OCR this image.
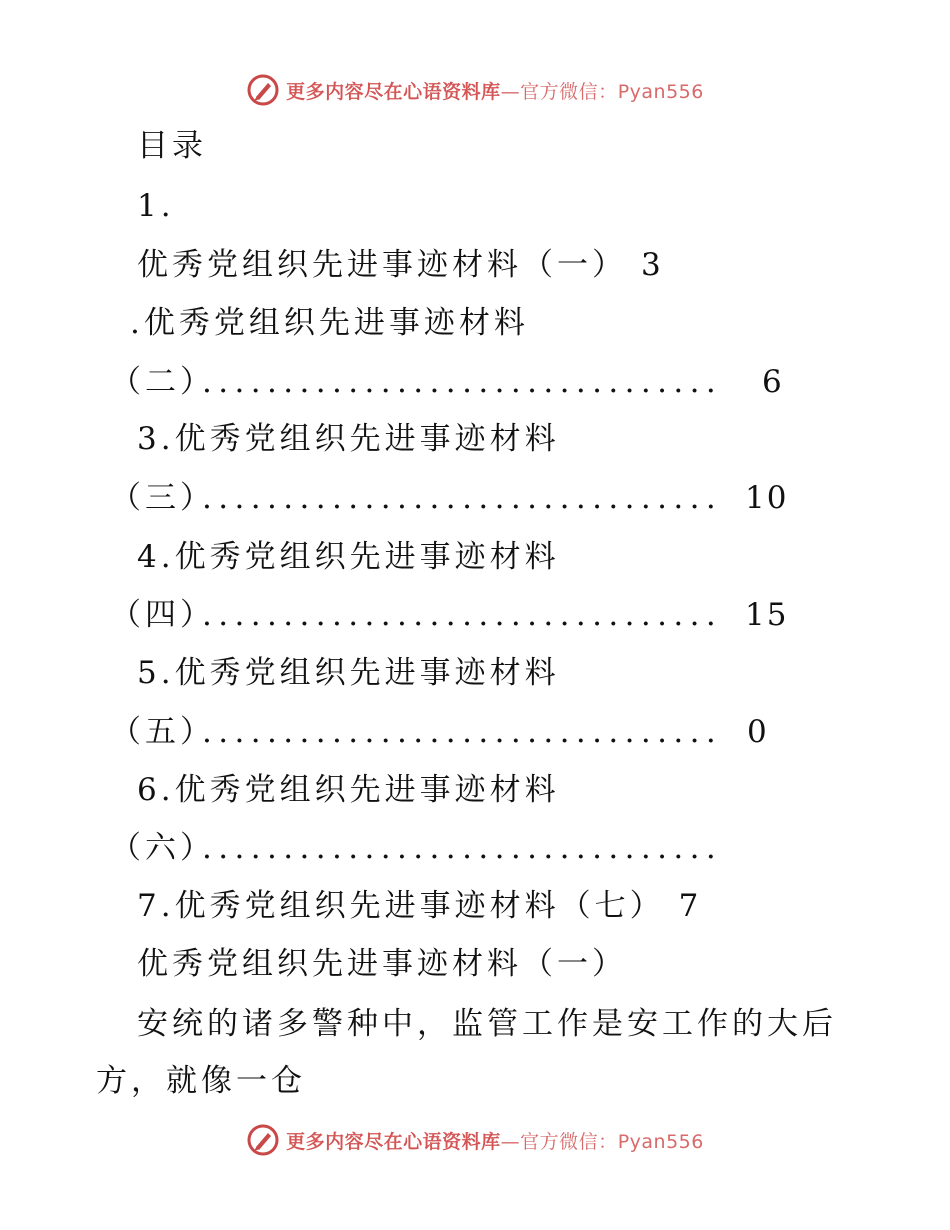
更多内容尽在心语资料库—官方微信：Pyan556
目录
1.
优秀党组织先进事迹材料（一） 3
.优秀党组织先进事迹材料
（二）
................................	6
3.优秀党组织先进事迹材料
（三）
................................ 10
4.优秀党组织先进事迹材料
（四）
................................ 15
5.优秀党组织先进事迹材料
（五）
................................ 0
6.优秀党组织先进事迹材料
（六）
................................
7.优秀党组织先进事迹材料（七） 7
优秀党组织先进事迹材料（一）
安统的诸多警种中，监管工作是安工作的大后
方，就像一仓
更多内容尽在心语资料库—官方微信：Pyan556
